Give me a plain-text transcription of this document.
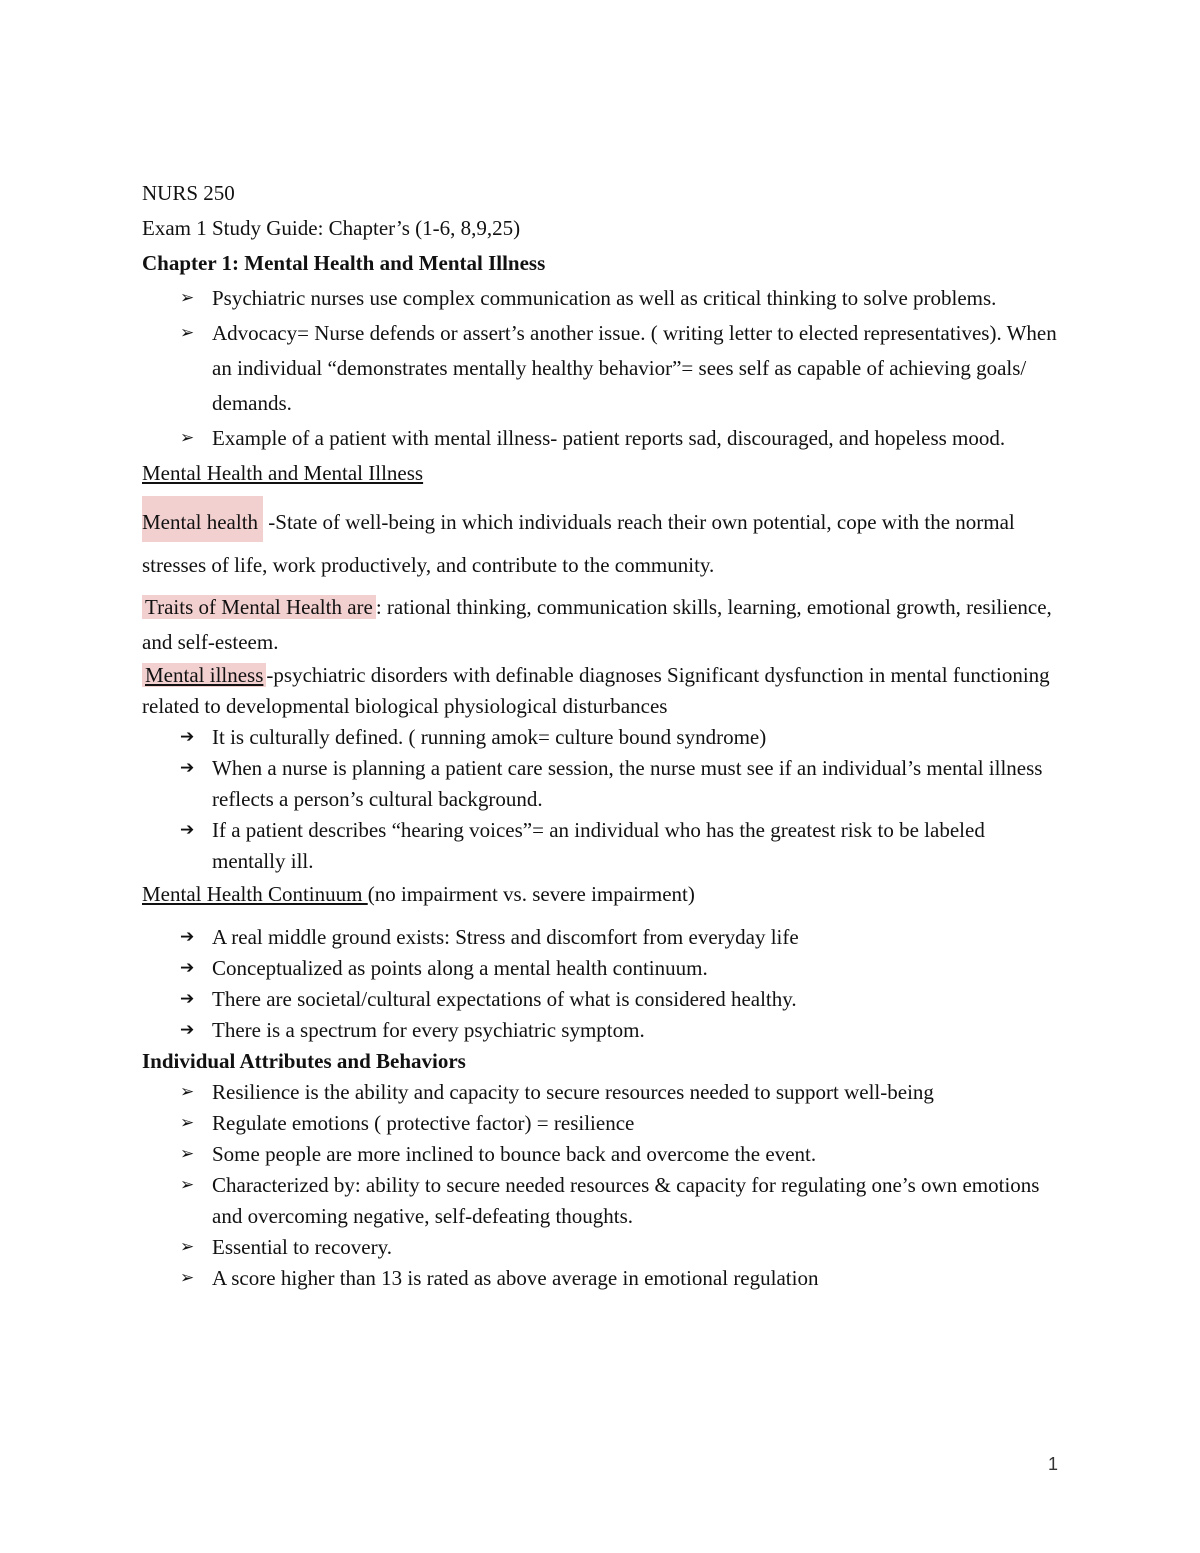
NURS 250
Exam 1 Study Guide: Chapter’s (1-6, 8,9,25)
Chapter 1: Mental Health and Mental Illness
➢ Psychiatric nurses use complex communication as well as critical thinking to solve problems.
➢ Advocacy= Nurse defends or assert’s another issue. ( writing letter to elected representatives). When an individual “demonstrates mentally healthy behavior”= sees self as capable of achieving goals/ demands.
➢ Example of a patient with mental illness- patient reports sad, discouraged, and hopeless mood.
Mental Health and Mental Illness
Mental health -State of well-being in which individuals reach their own potential, cope with the normal stresses of life, work productively, and contribute to the community.
Traits of Mental Health are : rational thinking, communication skills, learning, emotional growth, resilience, and self-esteem.
Mental illness -psychiatric disorders with definable diagnoses Significant dysfunction in mental functioning related to developmental biological physiological disturbances
➔ It is culturally defined. ( running amok= culture bound syndrome)
➔ When a nurse is planning a patient care session, the nurse must see if an individual’s mental illness reflects a person’s cultural background.
➔ If a patient describes “hearing voices”= an individual who has the greatest risk to be labeled mentally ill.
Mental Health Continuum (no impairment vs. severe impairment)
➔ A real middle ground exists: Stress and discomfort from everyday life
➔ Conceptualized as points along a mental health continuum.
➔ There are societal/cultural expectations of what is considered healthy.
➔ There is a spectrum for every psychiatric symptom.
Individual Attributes and Behaviors
➢ Resilience is the ability and capacity to secure resources needed to support well-being
➢ Regulate emotions ( protective factor) = resilience
➢ Some people are more inclined to bounce back and overcome the event.
➢ Characterized by: ability to secure needed resources & capacity for regulating one’s own emotions and overcoming negative, self-defeating thoughts.
➢ Essential to recovery.
➢ A score higher than 13 is rated as above average in emotional regulation
1
